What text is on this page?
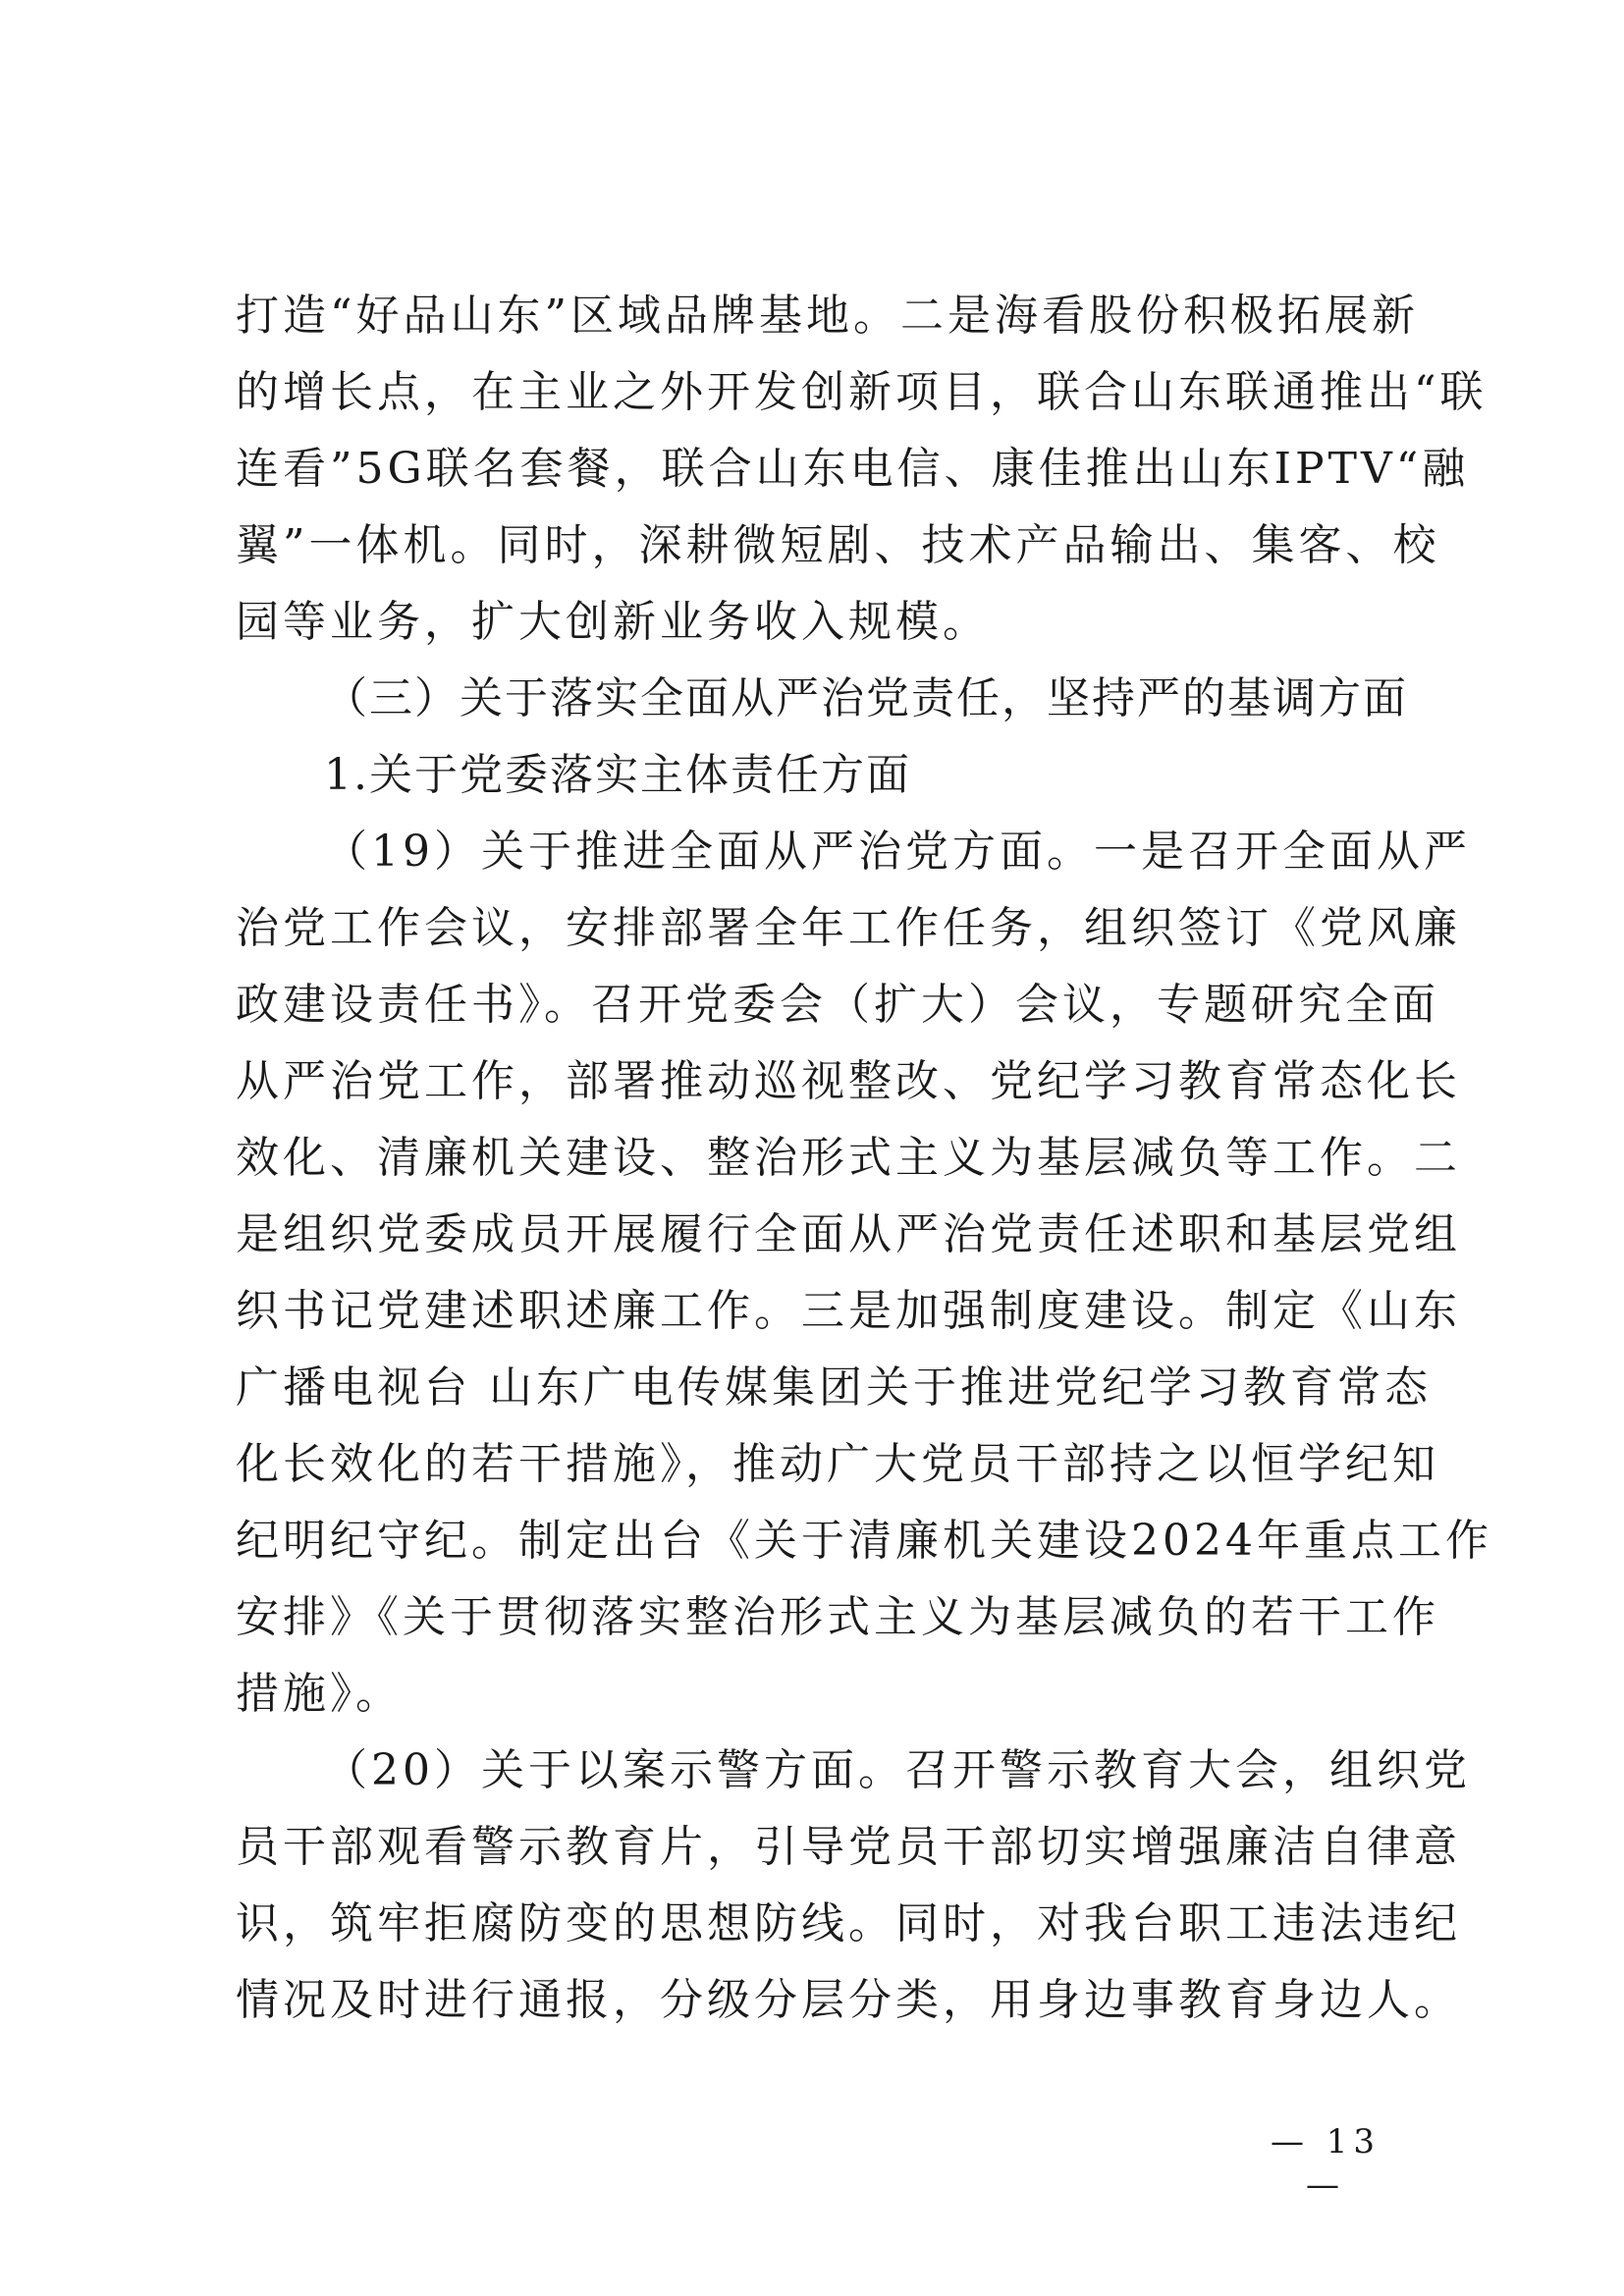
打造“好品山东”区域品牌基地。二是海看股份积极拓展新
的增长点，在主业之外开发创新项目，联合山东联通推出“联
连看”5G联名套餐，联合山东电信、康佳推出山东IPTV“融
翼”一体机。同时，深耕微短剧、技术产品输出、集客、校
园等业务，扩大创新业务收入规模。
（三）关于落实全面从严治党责任，坚持严的基调方面
1.关于党委落实主体责任方面
（19）关于推进全面从严治党方面。一是召开全面从严
治党工作会议，安排部署全年工作任务，组织签订《党风廉
政建设责任书》。召开党委会（扩大）会议，专题研究全面
从严治党工作，部署推动巡视整改、党纪学习教育常态化长
效化、清廉机关建设、整治形式主义为基层减负等工作。二
是组织党委成员开展履行全面从严治党责任述职和基层党组
织书记党建述职述廉工作。三是加强制度建设。制定《山东
广播电视台 山东广电传媒集团关于推进党纪学习教育常态
化长效化的若干措施》，推动广大党员干部持之以恒学纪知
纪明纪守纪。制定出台《关于清廉机关建设2024年重点工作
安排》《关于贯彻落实整治形式主义为基层减负的若干工作
措施》。
（20）关于以案示警方面。召开警示教育大会，组织党
员干部观看警示教育片，引导党员干部切实增强廉洁自律意
识，筑牢拒腐防变的思想防线。同时，对我台职工违法违纪
情况及时进行通报，分级分层分类，用身边事教育身边人。
— 13 —
